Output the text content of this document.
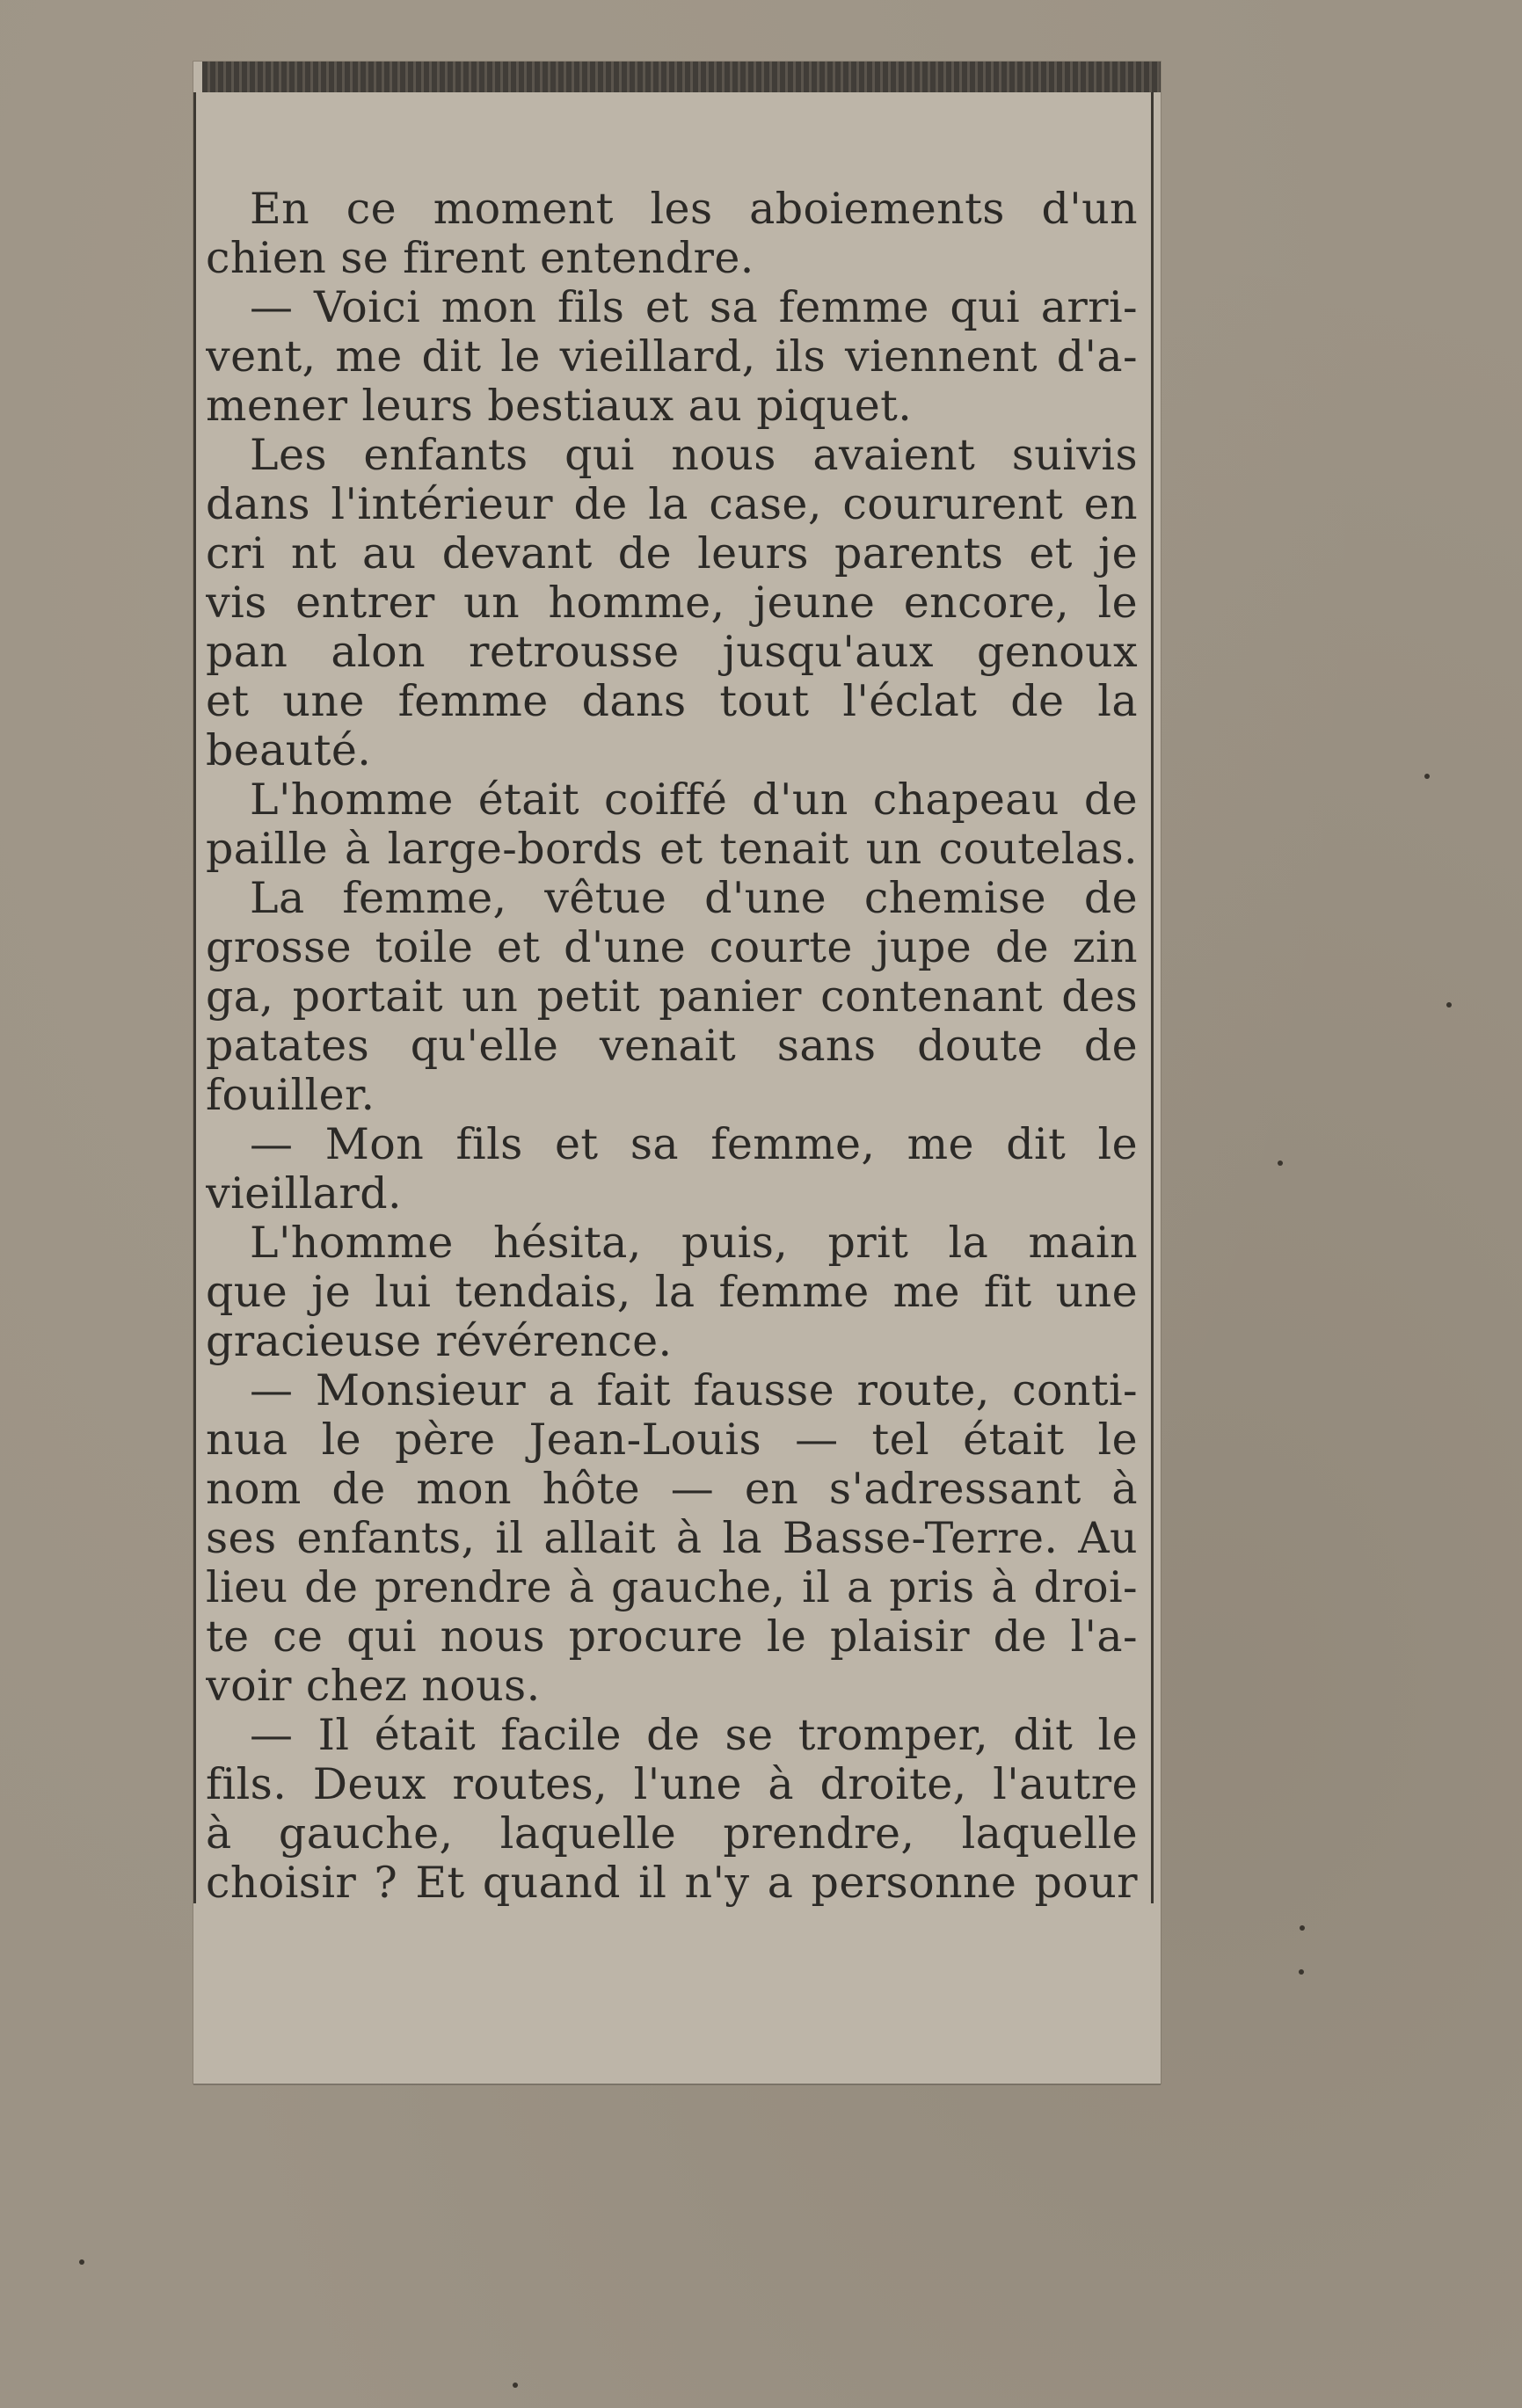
En ce moment les aboiements d'un
chien se firent entendre.
— Voici mon fils et sa femme qui arri-
vent, me dit le vieillard, ils viennent d'a-
mener leurs bestiaux au piquet.
Les enfants qui nous avaient suivis
dans l'intérieur de la case, coururent en
cri nt au devant de leurs parents et je
vis entrer un homme, jeune encore, le
pan alon retrousse jusqu'aux genoux
et une femme dans tout l'éclat de la
beauté.
L'homme était coiffé d'un chapeau de
paille à large-bords et tenait un coutelas.
La femme, vêtue d'une chemise de
grosse toile et d'une courte jupe de zin
ga, portait un petit panier contenant des
patates qu'elle venait sans doute de
fouiller.
— Mon fils et sa femme, me dit le
vieillard.
L'homme hésita, puis, prit la main
que je lui tendais, la femme me fit une
gracieuse révérence.
— Monsieur a fait fausse route, conti-
nua le père Jean-Louis — tel était le
nom de mon hôte — en s'adressant à
ses enfants, il allait à la Basse-Terre. Au
lieu de prendre à gauche, il a pris à droi-
te ce qui nous procure le plaisir de l'a-
voir chez nous.
— Il était facile de se tromper, dit le
fils. Deux routes, l'une à droite, l'autre
à gauche, laquelle prendre, laquelle
choisir ? Et quand il n'y a personne pour
